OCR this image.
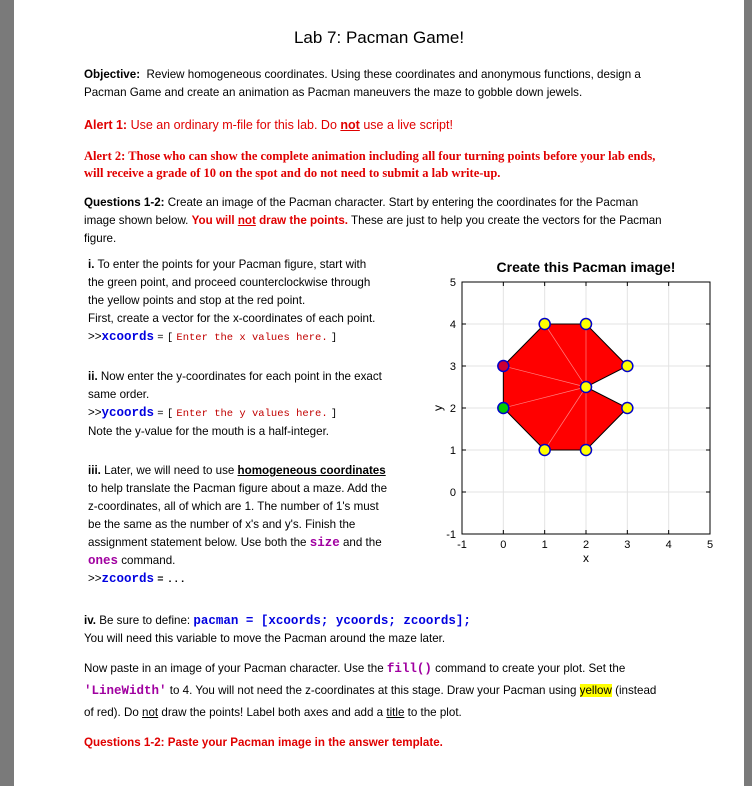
Lab 7: Pacman Game!
Objective: Review homogeneous coordinates. Using these coordinates and anonymous functions, design a
Pacman Game and create an animation as Pacman maneuvers the maze to gobble down jewels.
Alert 1: Use an ordinary m-file for this lab. Do not use a live script!
Alert 2: Those who can show the complete animation including all four turning points before your lab ends,
will receive a grade of 10 on the spot and do not need to submit a lab write-up.
Questions 1-2: Create an image of the Pacman character. Start by entering the coordinates for the Pacman
image shown below. You will not draw the points. These are just to help you create the vectors for the Pacman
figure.
i. To enter the points for your Pacman figure, start with
the green point, and proceed counterclockwise through
the yellow points and stop at the red point.
First, create a vector for the x-coordinates of each point.
>>xcoords = [ Enter the x values here. ]
ii. Now enter the y-coordinates for each point in the exact
same order.
>>ycoords = [ Enter the y values here. ]
Note the y-value for the mouth is a half-integer.
iii. Later, we will need to use homogeneous coordinates
to help translate the Pacman figure about a maze. Add the
z-coordinates, all of which are 1. The number of 1's must
be the same as the number of x's and y's. Finish the
assignment statement below. Use both the size and the
ones command.
>>zcoords = ...
iv. Be sure to define: pacman = [xcoords; ycoords; zcoords];
You will need this variable to move the Pacman around the maze later.
Now paste in an image of your Pacman character. Use the fill() command to create your plot. Set the
'LineWidth' to 4. You will not need the z-coordinates at this stage. Draw your Pacman using yellow (instead
of red). Do not draw the points! Label both axes and add a title to the plot.
Questions 1-2: Paste your Pacman image in the answer template.
-1	0	1	2	3	4	5
-1
0
1
2
3
4
5
Create this Pacman image!
x
y
